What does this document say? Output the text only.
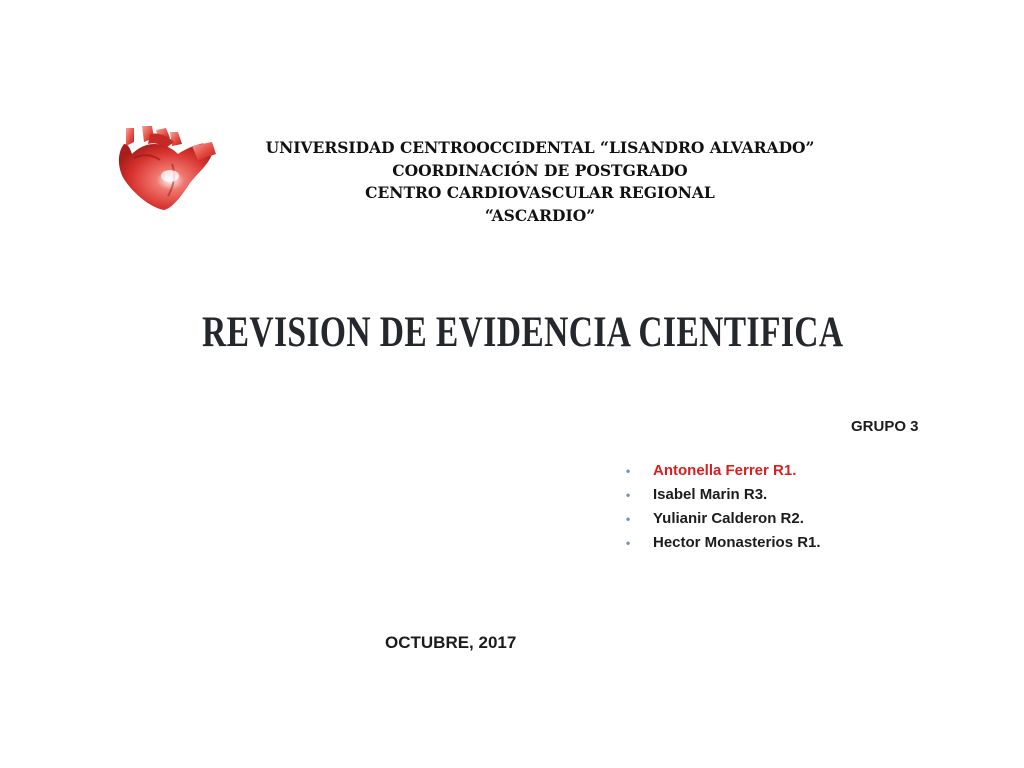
UNIVERSIDAD CENTROOCCIDENTAL “LISANDRO ALVARADO”
COORDINACIÓN DE POSTGRADO
CENTRO CARDIOVASCULAR REGIONAL
“ASCARDIO”
REVISION DE EVIDENCIA CIENTIFICA
GRUPO 3
• Antonella Ferrer R1.
• Isabel Marin R3.
• Yulianir Calderon R2.
• Hector Monasterios R1.
OCTUBRE, 2017
